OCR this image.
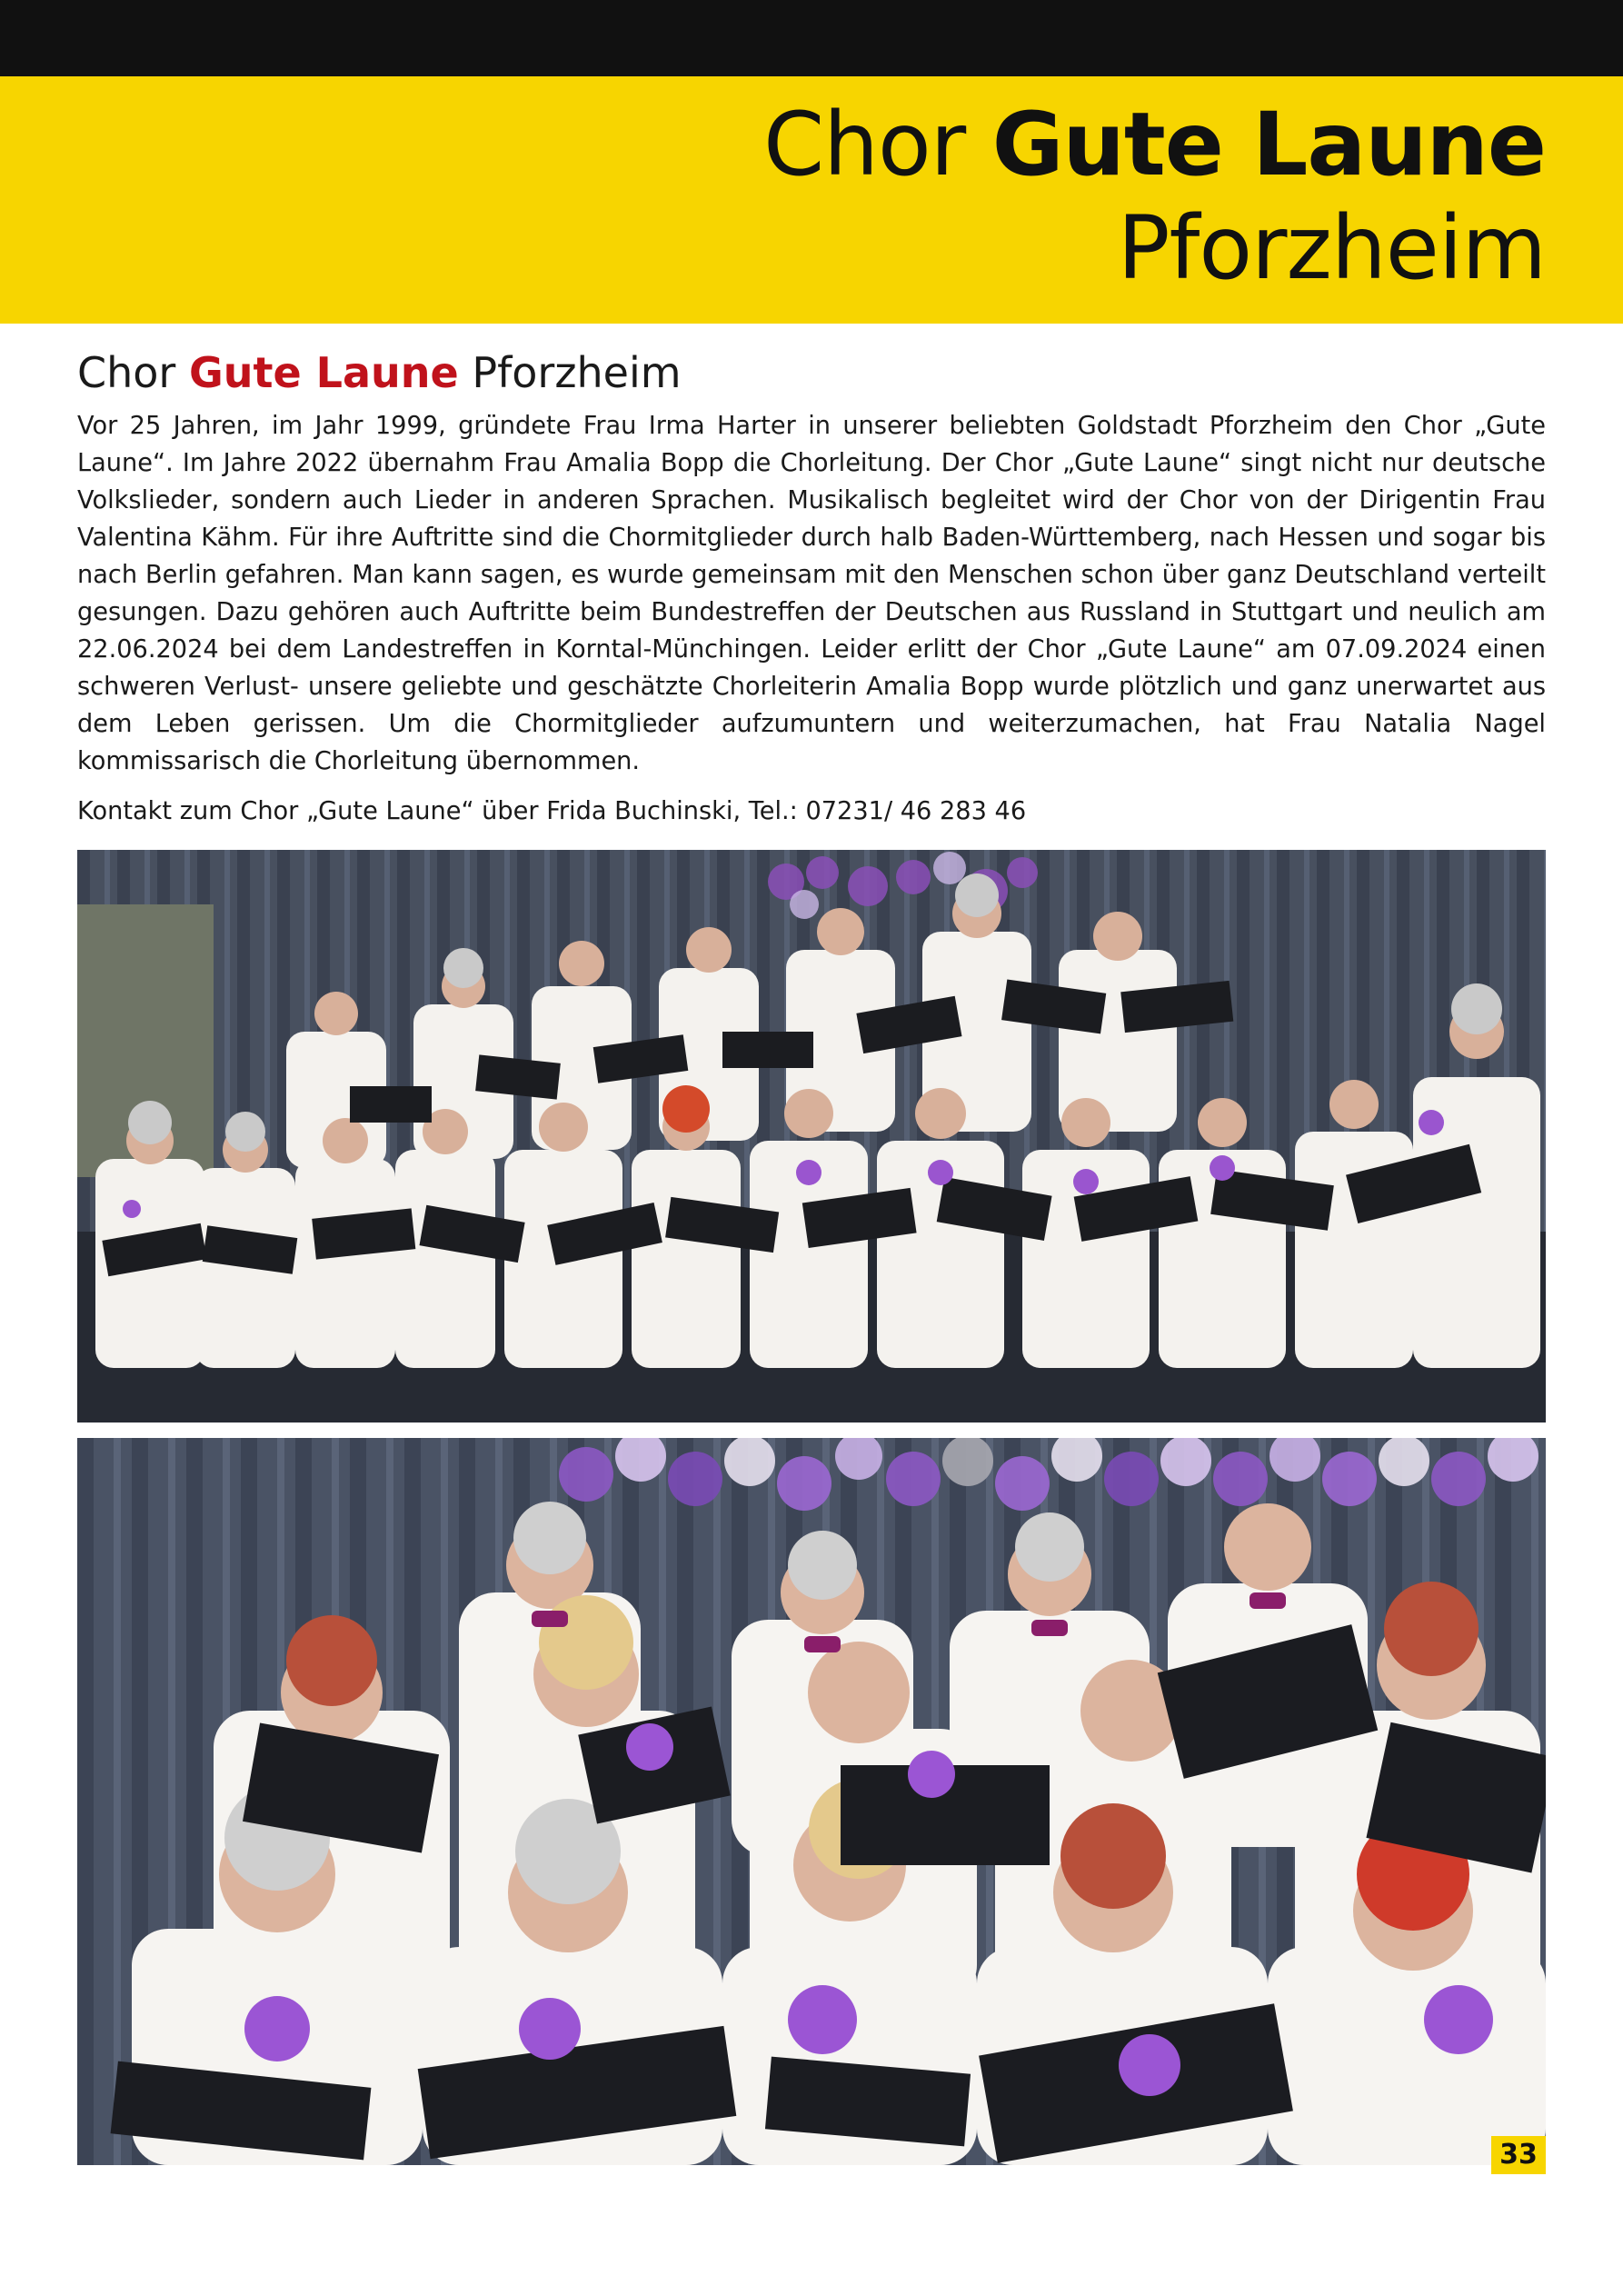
Chor Gute Laune
Pforzheim
Chor Gute Laune Pforzheim

Vor 25 Jahren, im Jahr 1999, gründete Frau Irma Harter in unserer beliebten Goldstadt Pforzheim den Chor „Gute Laune“. Im Jahre 2022 übernahm Frau Amalia Bopp die Chorleitung. Der Chor „Gute Laune“ singt nicht nur deutsche Volkslieder, sondern auch Lieder in anderen Sprachen. Musikalisch begleitet wird der Chor von der Dirigentin Frau Valentina Kähm. Für ihre Auftritte sind die Chormitglieder durch halb Baden-Württemberg, nach Hessen und sogar bis nach Berlin gefahren. Man kann sagen, es wurde gemeinsam mit den Menschen schon über ganz Deutschland verteilt gesungen. Dazu gehören auch Auftritte beim Bundestreffen der Deutschen aus Russland in Stuttgart und neulich am 22.06.2024 bei dem Landestreffen in Korntal-Münchingen. Leider erlitt der Chor „Gute Laune“ am 07.09.2024 einen schweren Verlust- unsere geliebte und geschätzte Chorleiterin Amalia Bopp wurde plötzlich und ganz unerwartet aus dem Leben gerissen. Um die Chormitglieder aufzumuntern und weiterzumachen, hat Frau Natalia Nagel kommissarisch die Chorleitung übernommen.

Kontakt zum Chor „Gute Laune“ über Frida Buchinski, Tel.: 07231/ 46 283 46
33
